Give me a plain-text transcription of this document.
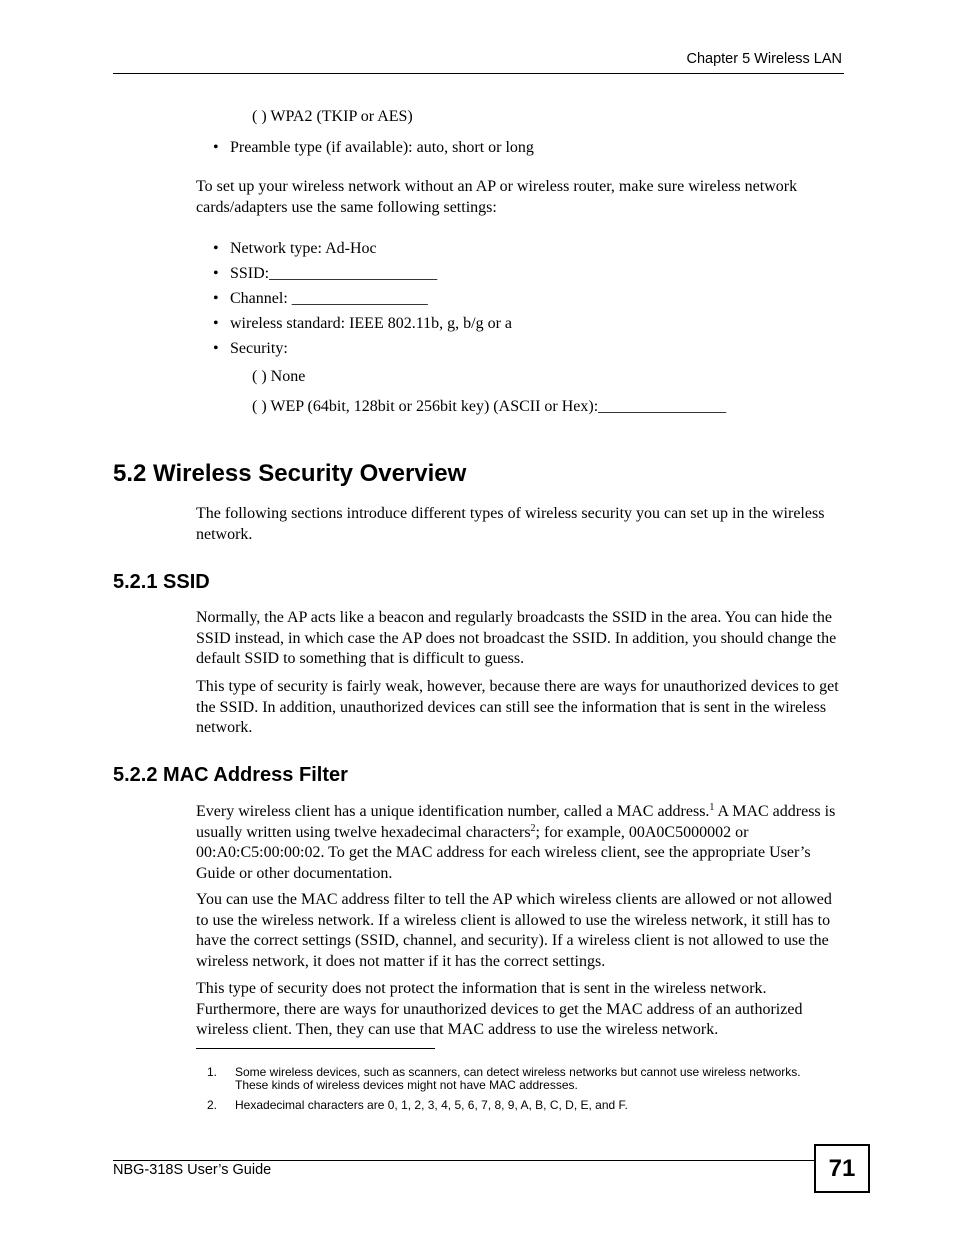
Chapter 5 Wireless LAN
( ) WPA2 (TKIP or AES)
• Preamble type (if available): auto, short or long
To set up your wireless network without an AP or wireless router, make sure wireless network cards/adapters use the same following settings:
• Network type: Ad-Hoc
• SSID:_____________________
• Channel: _________________
• wireless standard: IEEE 802.11b, g, b/g or a
• Security:
( ) None
( ) WEP (64bit, 128bit or 256bit key) (ASCII or Hex):________________
5.2 Wireless Security Overview
The following sections introduce different types of wireless security you can set up in the wireless network.
5.2.1 SSID
Normally, the AP acts like a beacon and regularly broadcasts the SSID in the area. You can hide the SSID instead, in which case the AP does not broadcast the SSID. In addition, you should change the default SSID to something that is difficult to guess.
This type of security is fairly weak, however, because there are ways for unauthorized devices to get the SSID. In addition, unauthorized devices can still see the information that is sent in the wireless network.
5.2.2 MAC Address Filter
Every wireless client has a unique identification number, called a MAC address.$^1$ A MAC address is usually written using twelve hexadecimal characters$^2$; for example, 00A0C5000002 or 00:A0:C5:00:00:02. To get the MAC address for each wireless client, see the appropriate User’s Guide or other documentation.
You can use the MAC address filter to tell the AP which wireless clients are allowed or not allowed to use the wireless network. If a wireless client is allowed to use the wireless network, it still has to have the correct settings (SSID, channel, and security). If a wireless client is not allowed to use the wireless network, it does not matter if it has the correct settings.
This type of security does not protect the information that is sent in the wireless network. Furthermore, there are ways for unauthorized devices to get the MAC address of an authorized wireless client. Then, they can use that MAC address to use the wireless network.
1. Some wireless devices, such as scanners, can detect wireless networks but cannot use wireless networks. These kinds of wireless devices might not have MAC addresses.
2. Hexadecimal characters are 0, 1, 2, 3, 4, 5, 6, 7, 8, 9, A, B, C, D, E, and F.
NBG-318S User’s Guide	71
